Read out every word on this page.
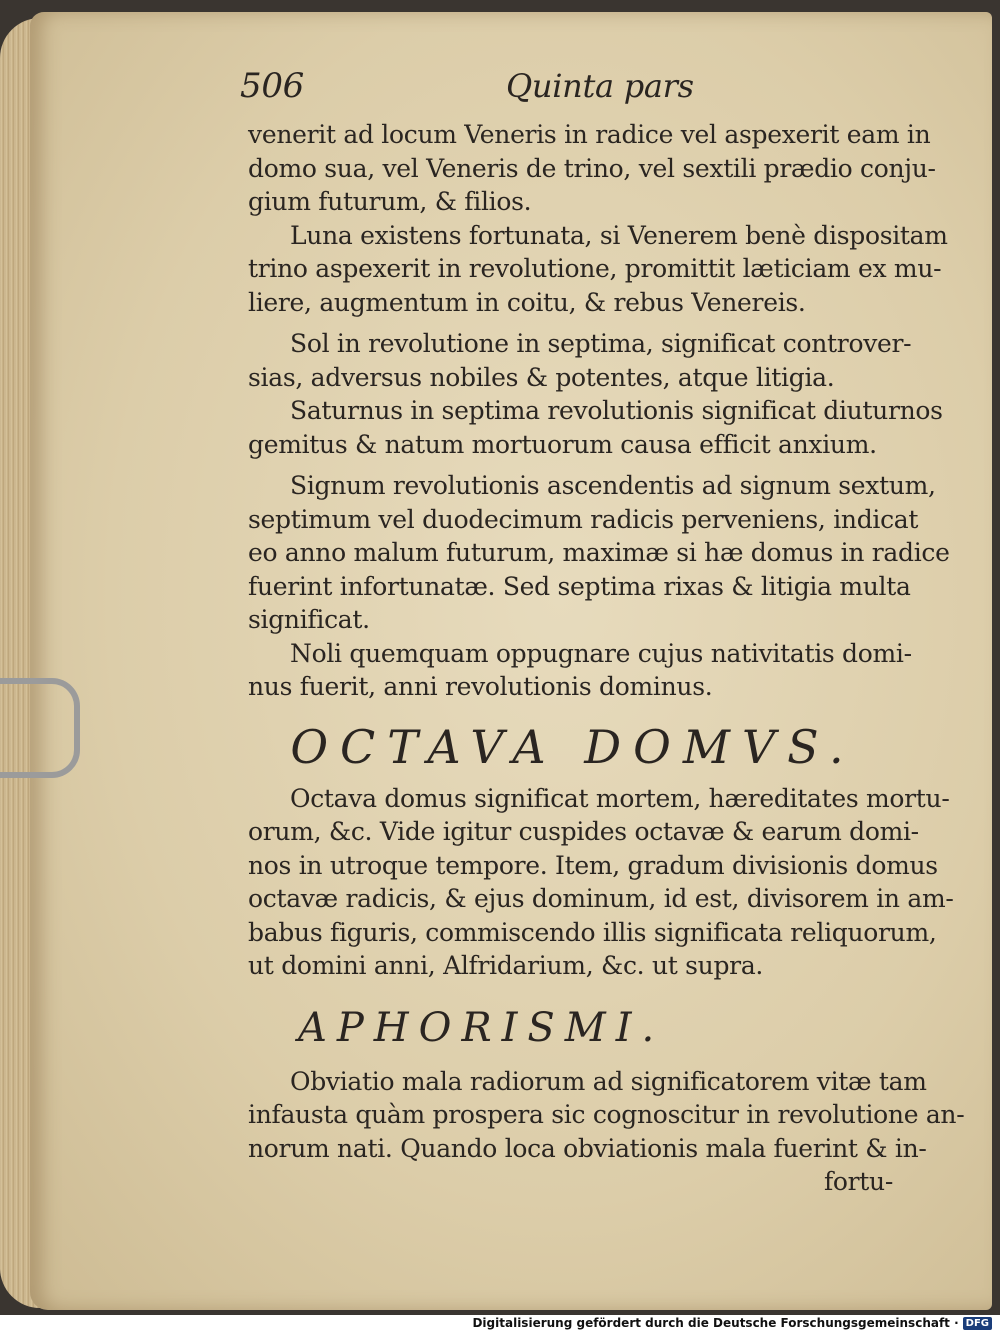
506	Quinta pars
venerit ad locum Veneris in radice vel aspexerit eam in
domo sua, vel Veneris de trino, vel sextili prædio conju-
gium futurum, & filios.
Luna existens fortunata, si Venerem benè dispositam
trino aspexerit in revolutione, promittit læticiam ex mu-
liere, augmentum in coitu, & rebus Venereis.
Sol in revolutione in septima, significat controver-
sias, adversus nobiles & potentes, atque litigia.
Saturnus in septima revolutionis significat diuturnos
gemitus & natum mortuorum causa efficit anxium.
Signum revolutionis ascendentis ad signum sextum,
septimum vel duodecimum radicis perveniens, indicat
eo anno malum futurum, maximæ si hæ domus in radice
fuerint infortunatæ. Sed septima rixas & litigia multa
significat.
Noli quemquam oppugnare cujus nativitatis domi-
nus fuerit, anni revolutionis dominus.
OCTAVA DOMVS.
Octava domus significat mortem, hæreditates mortu-
orum, &c. Vide igitur cuspides octavæ & earum domi-
nos in utroque tempore. Item, gradum divisionis domus
octavæ radicis, & ejus dominum, id est, divisorem in am-
babus figuris, commiscendo illis significata reliquorum,
ut domini anni, Alfridarium, &c. ut supra.
APHORISMI.
Obviatio mala radiorum ad significatorem vitæ tam
infausta quàm prospera sic cognoscitur in revolutione an-
norum nati. Quando loca obviationis mala fuerint & in-
fortu-
Digitalisierung gefördert durch die Deutsche Forschungsgemeinschaft · DFG
